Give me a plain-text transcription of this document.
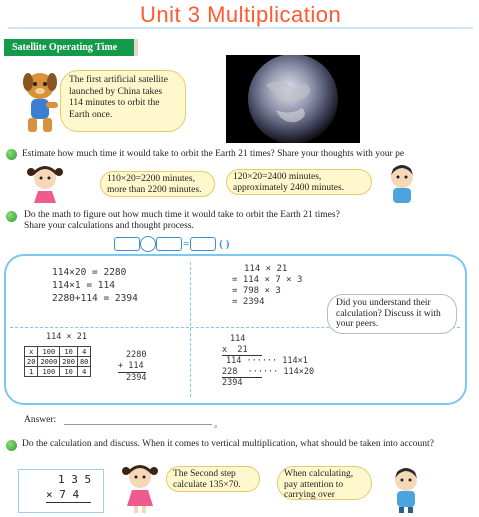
Unit 3 Multiplication
Satellite Operating Time
The first artificial satellite launched by China takes 114 minutes to orbit the Earth once.
Estimate how much time it would take to orbit the Earth 21 times? Share your thoughts with your pe
110×20=2200 minutes, more than 2200 minutes.
120×20=2400 minutes, approximately 2400 minutes.
Do the math to figure out how much time it would take to orbit the Earth 21 times?
Share your calculations and thought process.
=	( )
114×20 = 2280
114×1 = 114
2280+114 = 2394
114 × 21
= 114 × 7 × 3
= 798 × 3
= 2394	Did you understand their calculation? Discuss it with your peers.
114 × 21
x	100	10	4
20	2000	200	80
1	100	10	4
2280
+ 114
2394
114
x  21
114 ······ 114×1
228  ······ 114×20
2394
Answer:	。
Do the calculation and discuss. When it comes to vertical multiplication, what should be taken into account?
1 3 5
× 7 4
The Second step calculate 135×70.
When calculating, pay attention to carrying over
